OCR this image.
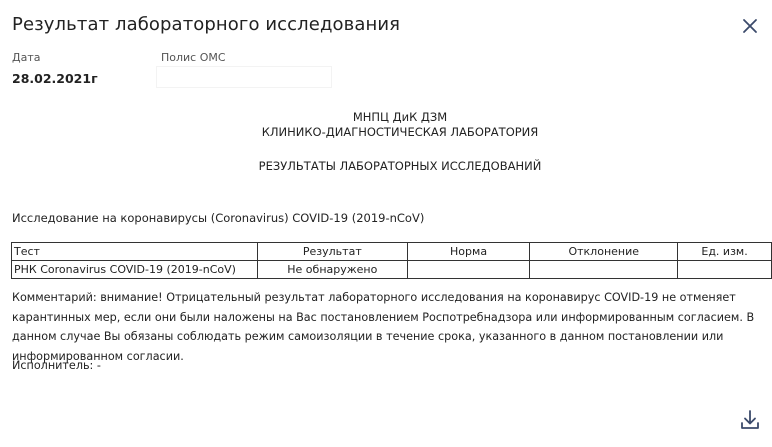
Результат лабораторного исследования
Дата
28.02.2021г
Полис ОМС
МНПЦ ДиК ДЗМ
КЛИНИКО-ДИАГНОСТИЧЕСКАЯ ЛАБОРАТОРИЯ
РЕЗУЛЬТАТЫ ЛАБОРАТОРНЫХ ИССЛЕДОВАНИЙ
Исследование на коронавирусы (Coronavirus) COVID-19 (2019-nCoV)
Тест	Результат	Норма	Отклонение	Ед. изм.
РНК Coronavirus COVID-19 (2019-nCoV)	Не обнаружено			
Комментарий: внимание! Отрицательный результат лабораторного исследования на коронавирус COVID-19 не отменяет карантинных мер, если они были наложены на Вас постановлением Роспотребнадзора или информированным согласием. В данном случае Вы обязаны соблюдать режим самоизоляции в течение срока, указанного в данном постановлении или информированном согласии.
Исполнитель: -
